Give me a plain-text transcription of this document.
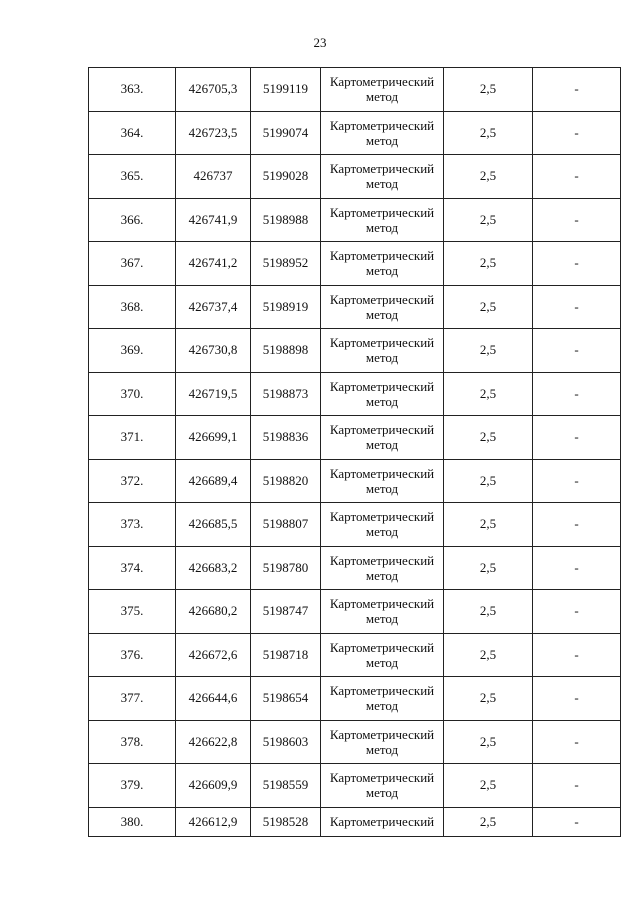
23
363.	426705,3	5199119	Картометрический метод	2,5	-
364.	426723,5	5199074	Картометрический метод	2,5	-
365.	426737	5199028	Картометрический метод	2,5	-
366.	426741,9	5198988	Картометрический метод	2,5	-
367.	426741,2	5198952	Картометрический метод	2,5	-
368.	426737,4	5198919	Картометрический метод	2,5	-
369.	426730,8	5198898	Картометрический метод	2,5	-
370.	426719,5	5198873	Картометрический метод	2,5	-
371.	426699,1	5198836	Картометрический метод	2,5	-
372.	426689,4	5198820	Картометрический метод	2,5	-
373.	426685,5	5198807	Картометрический метод	2,5	-
374.	426683,2	5198780	Картометрический метод	2,5	-
375.	426680,2	5198747	Картометрический метод	2,5	-
376.	426672,6	5198718	Картометрический метод	2,5	-
377.	426644,6	5198654	Картометрический метод	2,5	-
378.	426622,8	5198603	Картометрический метод	2,5	-
379.	426609,9	5198559	Картометрический метод	2,5	-
380.	426612,9	5198528	Картометрический	2,5	-
